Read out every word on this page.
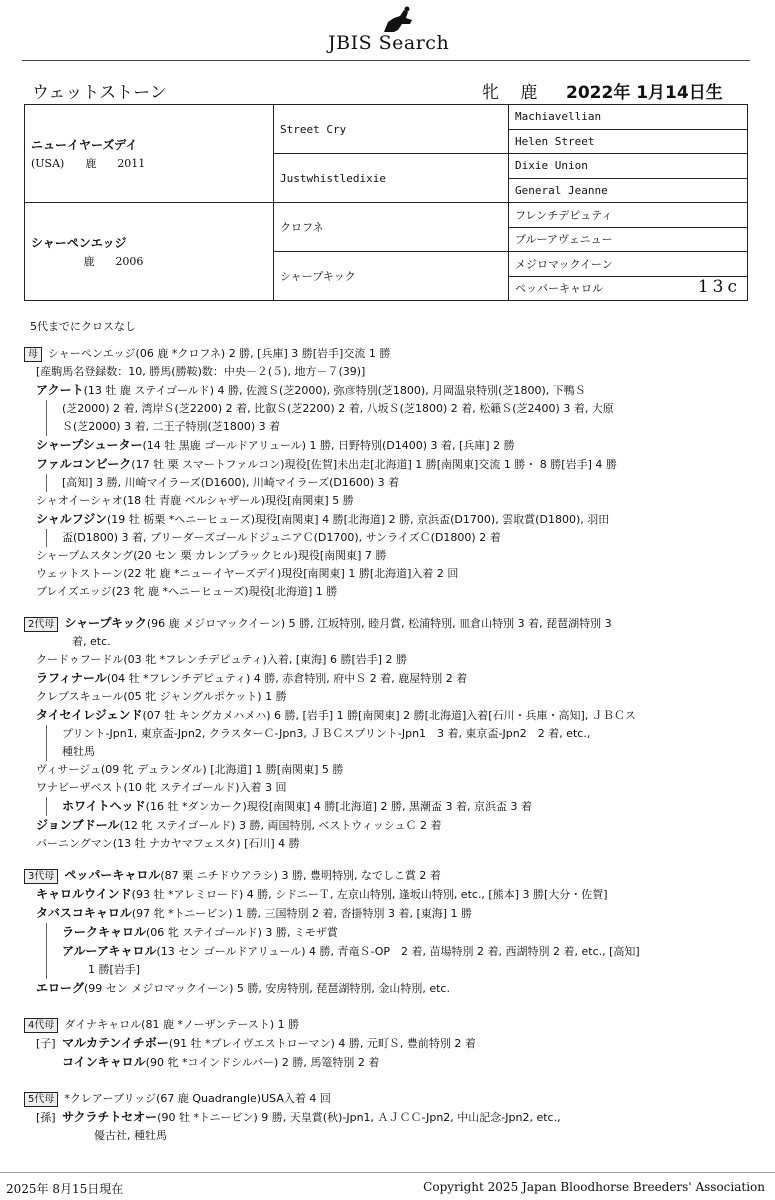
JBIS Search
ウェットストーン	牝 鹿 2022年 1月14日生
ニューイヤーズデイ
(USA) 鹿 2011	Street Cry	Machiavellian
		Helen Street
	Justwhistledixie	Dixie Union
		General Jeanne

シャーペンエッジ
鹿 2006	クロフネ	フレンチデピュティ
		ブルーアヴェニュー
	シャープキック	メジロマックイーン
		ペッパーキャロル 13c
5代までにクロスなし
母 シャーペンエッジ(06 鹿 *クロフネ) 2 勝, [兵庫] 3 勝[岩手]交流 1 勝
[産駒馬名登録数：10, 勝馬(勝鞍)数：中央－２(５), 地方－７(39)]
アクート(13 牡 鹿 ステイゴールド) 4 勝, 佐渡Ｓ(芝2000), 弥彦特別(芝1800), 月岡温泉特別(芝1800), 下鴨Ｓ
(芝2000) 2 着, 湾岸Ｓ(芝2200) 2 着, 比叡Ｓ(芝2200) 2 着, 八坂Ｓ(芝1800) 2 着, 松籟Ｓ(芝2400) 3 着, 大原
Ｓ(芝2000) 3 着, 二王子特別(芝1800) 3 着
シャープシューター(14 牡 黒鹿 ゴールドアリュール) 1 勝, 日野特別(D1400) 3 着, [兵庫] 2 勝
ファルコンビーク(17 牡 栗 スマートファルコン)現役[佐賀]未出走[北海道] 1 勝[南関東]交流 1 勝・ 8 勝[岩手] 4 勝
[高知] 3 勝, 川崎マイラーズ(D1600), 川崎マイラーズ(D1600) 3 着
シャオイーシャオ(18 牡 青鹿 ベルシャザール)現役[南関東] 5 勝
シャルフジン(19 牡 栃栗 *ヘニーヒューズ)現役[南関東] 4 勝[北海道] 2 勝, 京浜盃(D1700), 雲取賞(D1800), 羽田
盃(D1800) 3 着, ブリーダーズゴールドジュニアＣ(D1700), サンライズＣ(D1800) 2 着
シャープムスタング(20 セン 栗 カレンブラックヒル)現役[南関東] 7 勝
ウェットストーン(22 牝 鹿 *ニューイヤーズデイ)現役[南関東] 1 勝[北海道]入着 2 回
ブレイズエッジ(23 牝 鹿 *ヘニーヒューズ)現役[北海道] 1 勝
2代母 シャープキック(96 鹿 メジロマックイーン) 5 勝, 江坂特別, 睦月賞, 松浦特別, 皿倉山特別 3 着, 琵琶湖特別 3
着, etc.
クードゥフードル(03 牝 *フレンチデピュティ)入着, [東海] 6 勝[岩手] 2 勝
ラフィナール(04 牡 *フレンチデピュティ) 4 勝, 赤倉特別, 府中Ｓ 2 着, 鹿屋特別 2 着
クレプスキュール(05 牝 ジャングルポケット) 1 勝
タイセイレジェンド(07 牡 キングカメハメハ) 6 勝, [岩手] 1 勝[南関東] 2 勝[北海道]入着[石川・兵庫・高知], ＪＢＣス
プリント-Jpn1, 東京盃-Jpn2, クラスターＣ-Jpn3, ＪＢＣスプリント-Jpn1　3 着, 東京盃-Jpn2　2 着, etc.,
種牡馬
ヴィサージュ(09 牝 デュランダル) [北海道] 1 勝[南関東] 5 勝
ワナビーザベスト(10 牝 ステイゴールド)入着 3 回
ホワイトヘッド(16 牡 *ダンカーク)現役[南関東] 4 勝[北海道] 2 勝, 黒潮盃 3 着, 京浜盃 3 着
ジョンブドール(12 牝 ステイゴールド) 3 勝, 両国特別, ベストウィッシュＣ 2 着
バーニングマン(13 牡 ナカヤマフェスタ) [石川] 4 勝
3代母 ペッパーキャロル(87 栗 ニチドウアラシ) 3 勝, 豊明特別, なでしこ賞 2 着
キャロルウインド(93 牡 *アレミロード) 4 勝, シドニーＴ, 左京山特別, 逢坂山特別, etc., [熊本] 3 勝[大分・佐賀]
タバスコキャロル(97 牝 *トニービン) 1 勝, 三国特別 2 着, 沓掛特別 3 着, [東海] 1 勝
ラークキャロル(06 牝 ステイゴールド) 3 勝, ミモザ賞
アルーアキャロル(13 セン ゴールドアリュール) 4 勝, 青竜Ｓ-OP　2 着, 苗場特別 2 着, 西湖特別 2 着, etc., [高知]
1 勝[岩手]
エローグ(99 セン メジロマックイーン) 5 勝, 安房特別, 琵琶湖特別, 金山特別, etc.
4代母 ダイナキャロル(81 鹿 *ノーザンテースト) 1 勝
[子] マルカテンイチボー(91 牡 *ブレイヴエストローマン) 4 勝, 元町Ｓ, 豊前特別 2 着
コインキャロル(90 牝 *コインドシルバー) 2 勝, 馬篭特別 2 着
5代母 *クレアーブリッジ(67 鹿 Quadrangle)USA入着 4 回
[孫] サクラチトセオー(90 牡 *トニービン) 9 勝, 天皇賞(秋)-Jpn1, ＡＪＣＣ-Jpn2, 中山記念-Jpn2, etc.,
優古社, 種牡馬
2025年 8月15日現在	Copyright 2025 Japan Bloodhorse Breeders' Association
